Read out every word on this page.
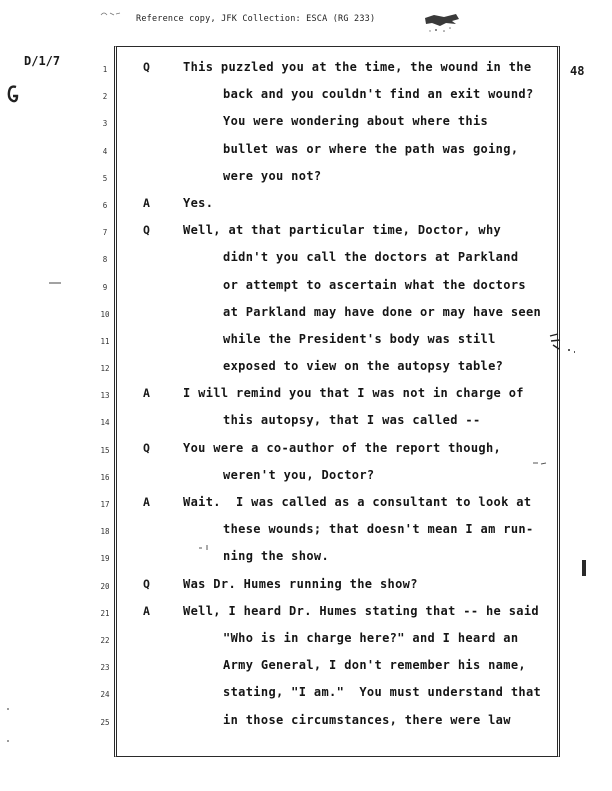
Reference copy, JFK Collection: ESCA (RG 233)
D/1/7
48
1	Q	This puzzled you at the time, the wound in the
2	back and you couldn't find an exit wound?
3	You were wondering about where this
4	bullet was or where the path was going,
5	were you not?
6	A	Yes.
7	Q	Well, at that particular time, Doctor, why
8	didn't you call the doctors at Parkland
9	or attempt to ascertain what the doctors
10	at Parkland may have done or may have seen
11	while the President's body was still
12	exposed to view on the autopsy table?
13	A	I will remind you that I was not in charge of
14	this autopsy, that I was called --
15	Q	You were a co-author of the report though,
16	weren't you, Doctor?
17	A	Wait.  I was called as a consultant to look at
18	these wounds; that doesn't mean I am run-
19	ning the show.
20	Q	Was Dr. Humes running the show?
21	A	Well, I heard Dr. Humes stating that -- he said
22	"Who is in charge here?" and I heard an
23	Army General, I don't remember his name,
24	stating, "I am."  You must understand that
25	in those circumstances, there were law
